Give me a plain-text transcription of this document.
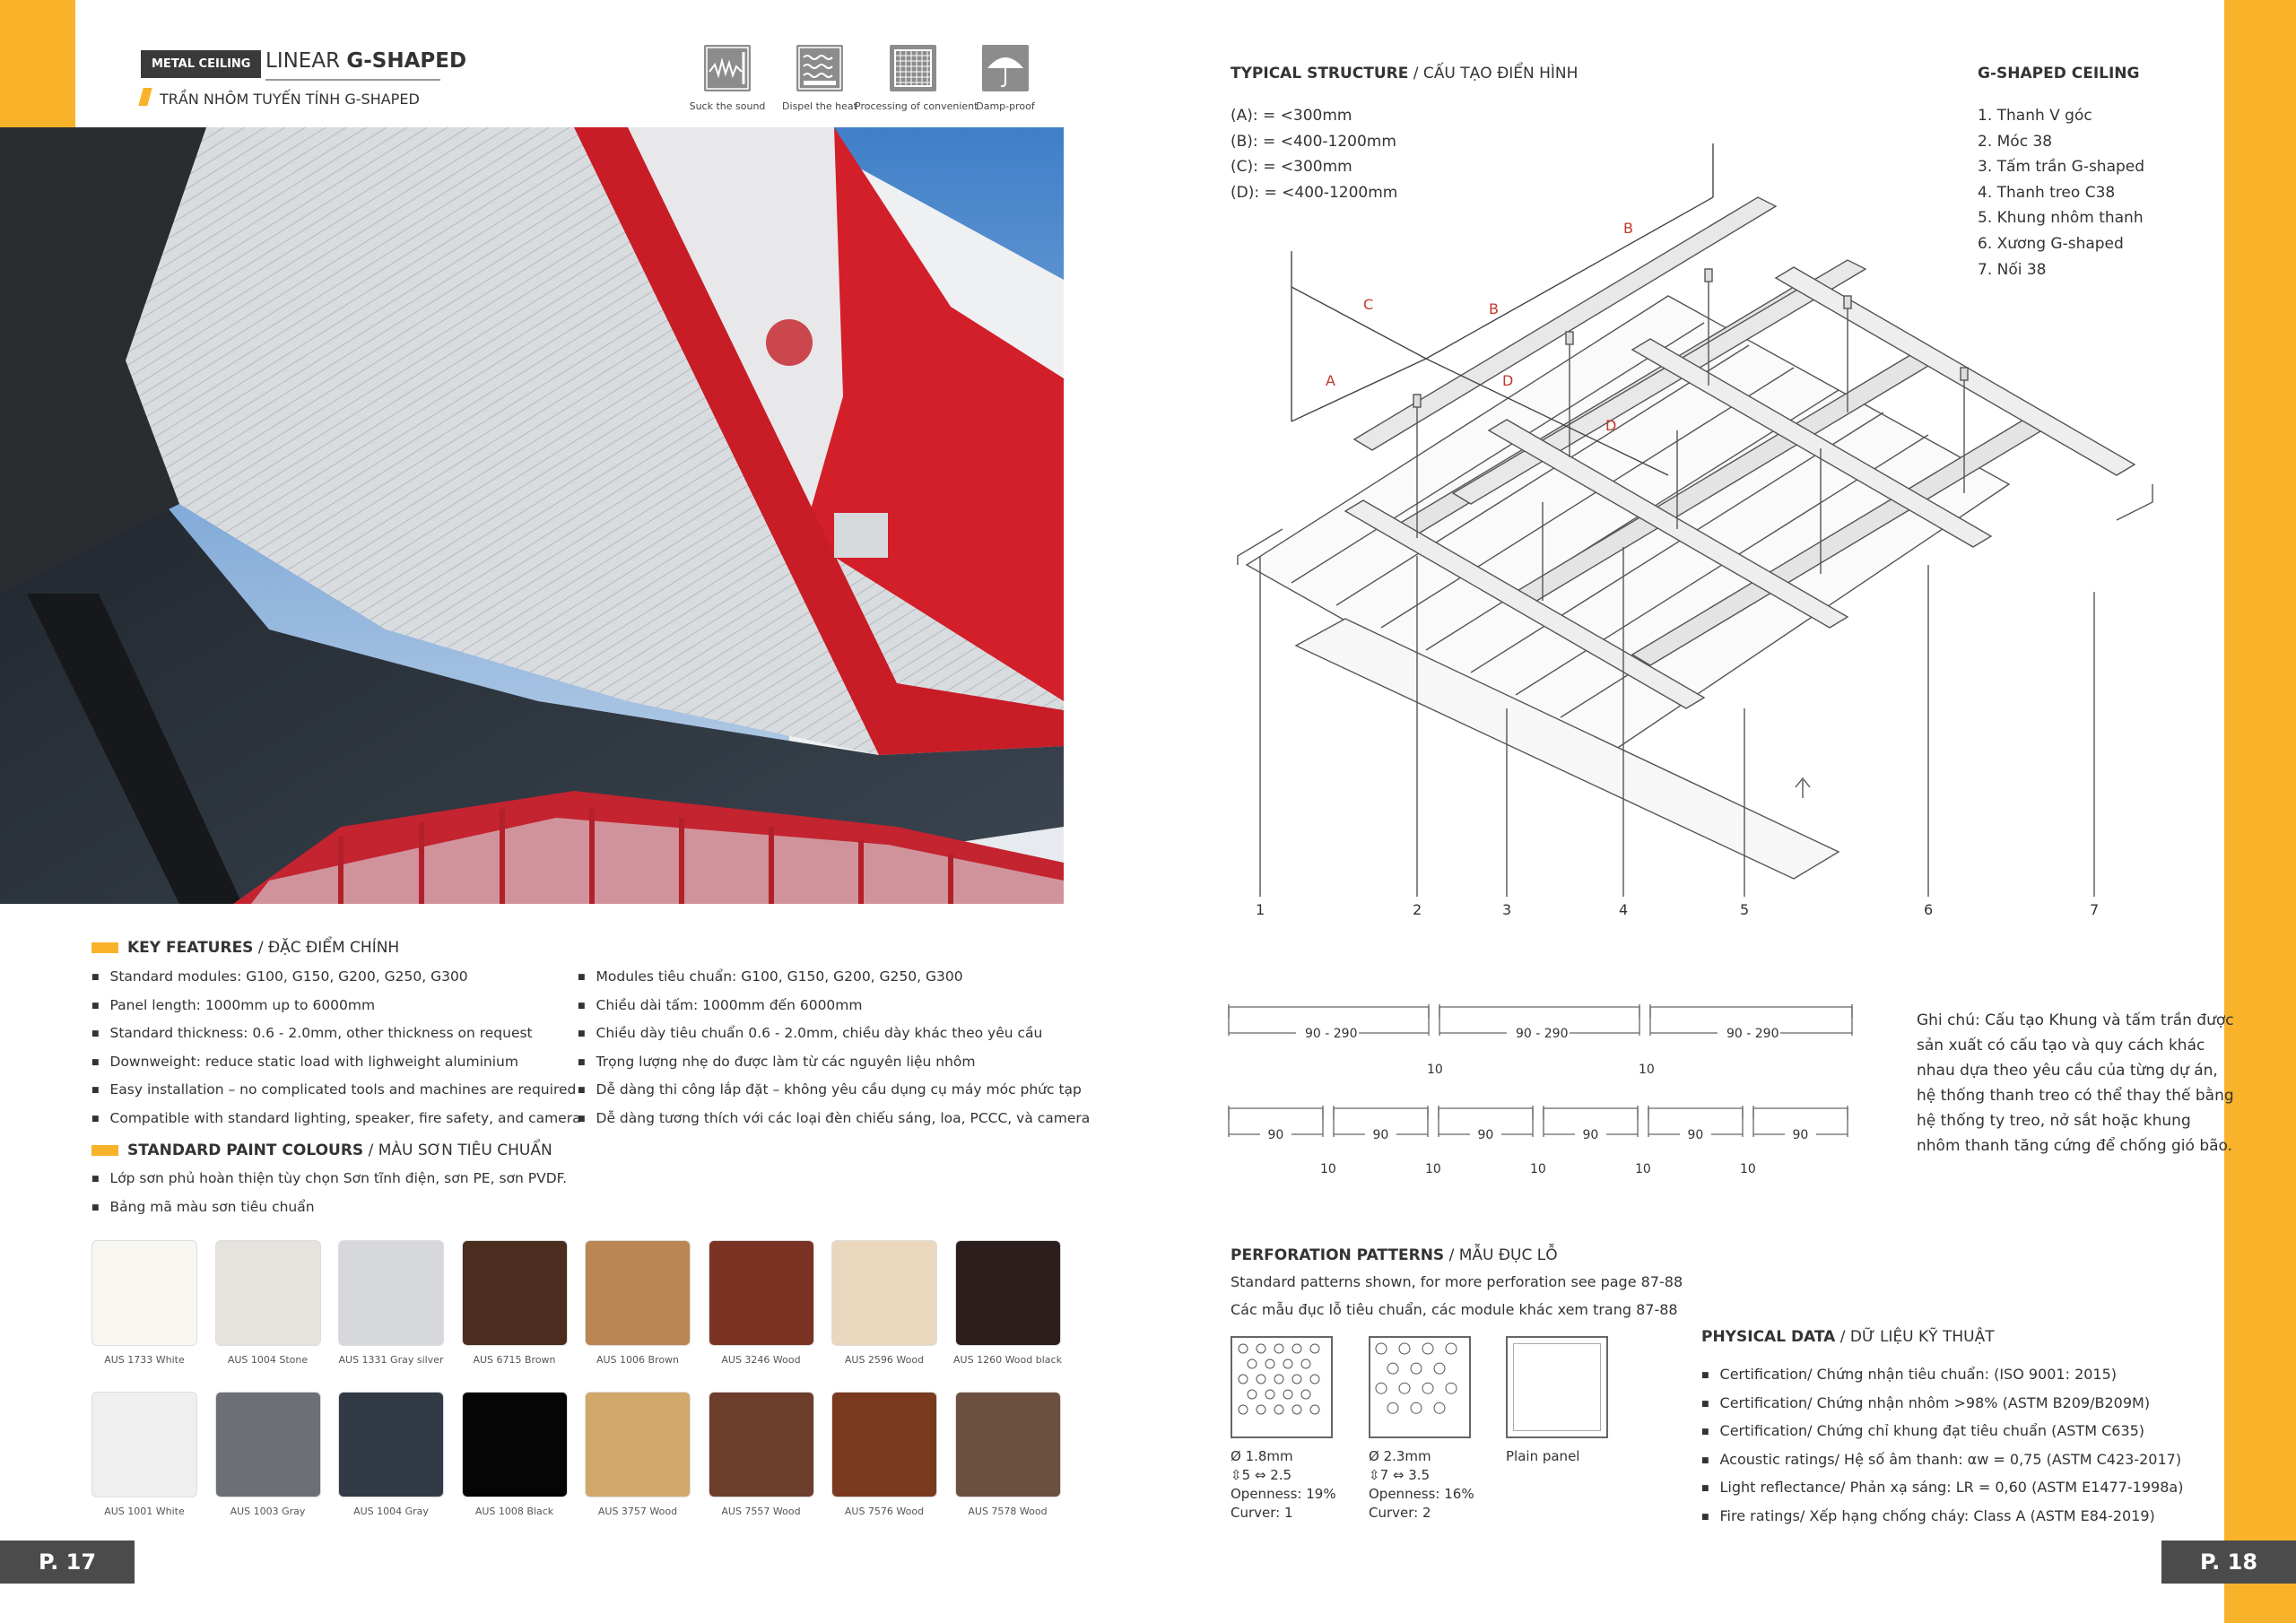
METAL CEILING LINEAR G-SHAPED
TRẦN NHÔM TUYẾN TÍNH G-SHAPED	Suck the sound	Dispel the heat
Processing of convenient
Damp-proof
KEY FEATURES / ĐẶC ĐIỂM CHÍNH
■ Standard modules: G100, G150, G200, G250, G300
■ Panel length: 1000mm up to 6000mm
■ Standard thickness: 0.6 - 2.0mm, other thickness on request
■ Downweight: reduce static load with lighweight aluminium
■ Easy installation – no complicated tools and machines are required
■ Compatible with standard lighting, speaker, fire safety, and camera
■ Modules tiêu chuẩn: G100, G150, G200, G250, G300
■ Chiều dài tấm: 1000mm đến 6000mm
■ Chiều dày tiêu chuẩn 0.6 - 2.0mm, chiều dày khác theo yêu cầu
■ Trọng lượng nhẹ do được làm từ các nguyên liệu nhôm
■ Dễ dàng thi công lắp đặt – không yêu cầu dụng cụ máy móc phức tạp
■ Dễ dàng tương thích với các loại đèn chiếu sáng, loa, PCCC, và camera
STANDARD PAINT COLOURS / MÀU SƠN TIÊU CHUẨN
■ Lớp sơn phủ hoàn thiện tùy chọn Sơn tĩnh điện, sơn PE, sơn PVDF.
■ Bảng mã màu sơn tiêu chuẩn
AUS 1733 White	AUS 1004 Stone	AUS 1331 Gray silver	AUS 6715 Brown	AUS 1006 Brown	AUS 3246 Wood	AUS 2596 Wood	AUS 1260 Wood black
AUS 1001 White	AUS 1003 Gray	AUS 1004 Gray	AUS 1008 Black	AUS 3757 Wood	AUS 7557 Wood	AUS 7576 Wood	AUS 7578 Wood
P. 17
TYPICAL STRUCTURE / CẤU TẠO ĐIỂN HÌNH
(A): = <300mm
(B): = <400-1200mm
(C): = <300mm
(D): = <400-1200mm
G-SHAPED CEILING
1. Thanh V góc
2. Móc 38
3. Tấm trần G-shaped
4. Thanh treo C38
5. Khung nhôm thanh
6. Xương G-shaped
7. Nối 38
A
B
B
C
D
D
1	2	3	4	5	6	7
90 - 290	90 - 290	90 - 290
10	10
90
10
90
10
90
10
90
10
90
10
90
Ghi chú: Cấu tạo Khung và tấm trần được
sản xuất có cấu tạo và quy cách khác
nhau dựa theo yêu cầu của từng dự án,
hệ thống thanh treo có thể thay thế bằng
hệ thống ty treo, nở sắt hoặc khung
nhôm thanh tăng cứng để chống gió bão.
PERFORATION PATTERNS / MẪU ĐỤC LỖ
Standard patterns shown, for more perforation see page 87-88
Các mẫu đục lỗ tiêu chuẩn, các module khác xem trang 87-88
Ø 1.8mm
⇳5 ⇔ 2.5
Openness: 19%
Curver: 1
Ø 2.3mm
⇳7 ⇔ 3.5
Openness: 16%
Curver: 2
Plain panel
PHYSICAL DATA / DỮ LIỆU KỸ THUẬT
■ Certification/ Chứng nhận tiêu chuẩn: (ISO 9001: 2015)
■ Certification/ Chứng nhận nhôm >98% (ASTM B209/B209M)
■ Certification/ Chứng chỉ khung đạt tiêu chuẩn (ASTM C635)
■ Acoustic ratings/ Hệ số âm thanh: αw = 0,75 (ASTM C423-2017)
■ Light reflectance/ Phản xạ sáng: LR = 0,60 (ASTM E1477-1998a)
■ Fire ratings/ Xếp hạng chống cháy: Class A (ASTM E84-2019)
P. 18
